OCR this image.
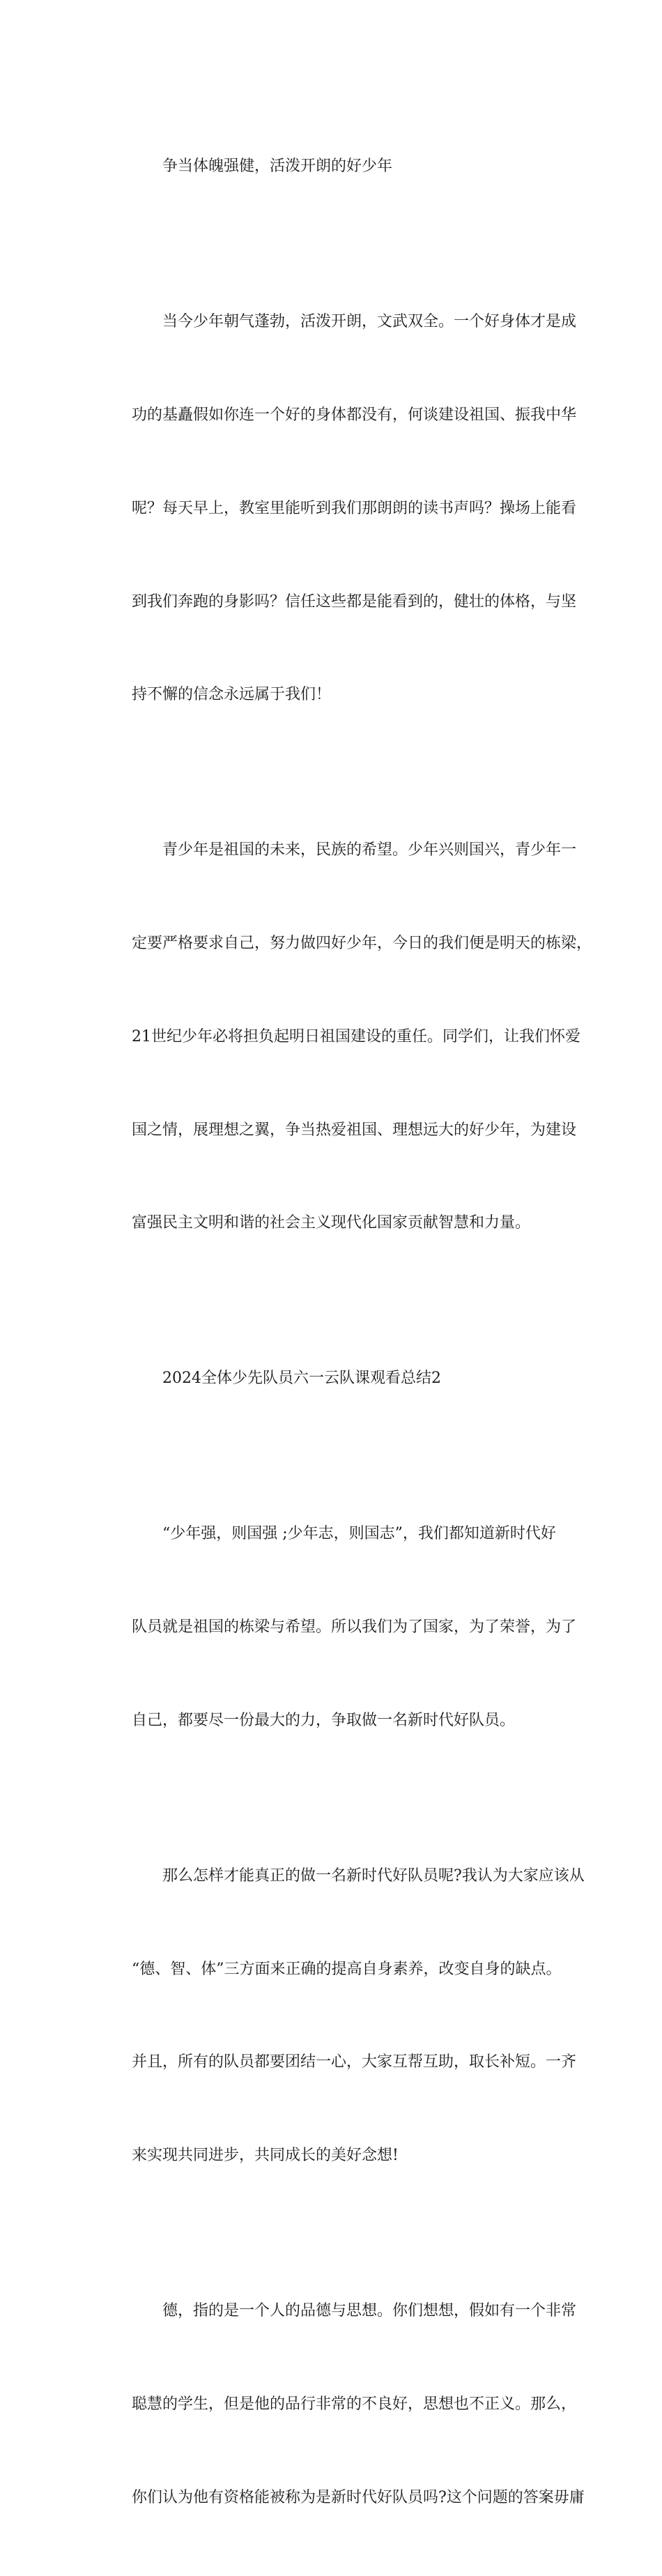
争当体魄强健，活泼开朗的好少年

当今少年朝气蓬勃，活泼开朗，文武双全。一个好身体才是成

功的基矗假如你连一个好的身体都没有，何谈建设祖国、振我中华

呢？每天早上，教室里能听到我们那朗朗的读书声吗？操场上能看

到我们奔跑的身影吗？信任这些都是能看到的，健壮的体格，与坚

持不懈的信念永远属于我们！

青少年是祖国的未来，民族的希望。少年兴则国兴，青少年一

定要严格要求自己，努力做四好少年，今日的我们便是明天的栋梁，

21世纪少年必将担负起明日祖国建设的重任。同学们，让我们怀爱

国之情，展理想之翼，争当热爱祖国、理想远大的好少年，为建设

富强民主文明和谐的社会主义现代化国家贡献智慧和力量。

2024全体少先队员六一云队课观看总结2

“少年强，则国强 ;少年志，则国志”，我们都知道新时代好

队员就是祖国的栋梁与希望。所以我们为了国家，为了荣誉，为了

自己，都要尽一份最大的力，争取做一名新时代好队员。

那么怎样才能真正的做一名新时代好队员呢?我认为大家应该从

“德、智、体”三方面来正确的提高自身素养，改变自身的缺点。

并且，所有的队员都要团结一心，大家互帮互助，取长补短。一齐

来实现共同进步，共同成长的美好念想!

德，指的是一个人的品德与思想。你们想想，假如有一个非常

聪慧的学生，但是他的品行非常的不良好，思想也不正义。那么，

你们认为他有资格能被称为是新时代好队员吗?这个问题的答案毋庸
